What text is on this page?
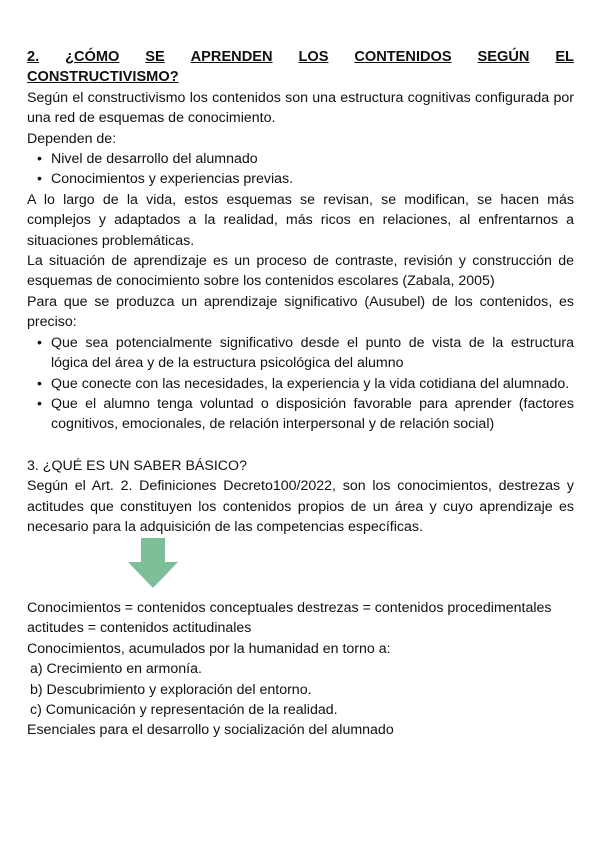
2. ¿CÓMO SE APRENDEN LOS CONTENIDOS SEGÚN EL
CONSTRUCTIVISMO?

Según el constructivismo los contenidos son una estructura cognitivas configurada por una red de esquemas de conocimiento.

Dependen de:

• Nivel de desarrollo del alumnado
• Conocimientos y experiencias previas.

A lo largo de la vida, estos esquemas se revisan, se modifican, se hacen más complejos y adaptados a la realidad, más ricos en relaciones, al enfrentarnos a situaciones problemáticas.

La situación de aprendizaje es un proceso de contraste, revisión y construcción de esquemas de conocimiento sobre los contenidos escolares (Zabala, 2005)

Para que se produzca un aprendizaje significativo (Ausubel) de los contenidos, es preciso:

• Que sea potencialmente significativo desde el punto de vista de la estructura lógica del área y de la estructura psicológica del alumno
• Que conecte con las necesidades, la experiencia y la vida cotidiana del alumnado.
• Que el alumno tenga voluntad o disposición favorable para aprender (factores cognitivos, emocionales, de relación interpersonal y de relación social)

3. ¿QUÉ ES UN SABER BÁSICO?

Según el Art. 2. Definiciones Decreto100/2022, son los conocimientos, destrezas y actitudes que constituyen los contenidos propios de un área y cuyo aprendizaje es necesario para la adquisición de las competencias específicas.

Conocimientos = contenidos conceptuales destrezas = contenidos procedimentales

actitudes = contenidos actitudinales

Conocimientos, acumulados por la humanidad en torno a:

a) Crecimiento en armonía.

b) Descubrimiento y exploración del entorno.

c) Comunicación y representación de la realidad.

Esenciales para el desarrollo y socialización del alumnado
